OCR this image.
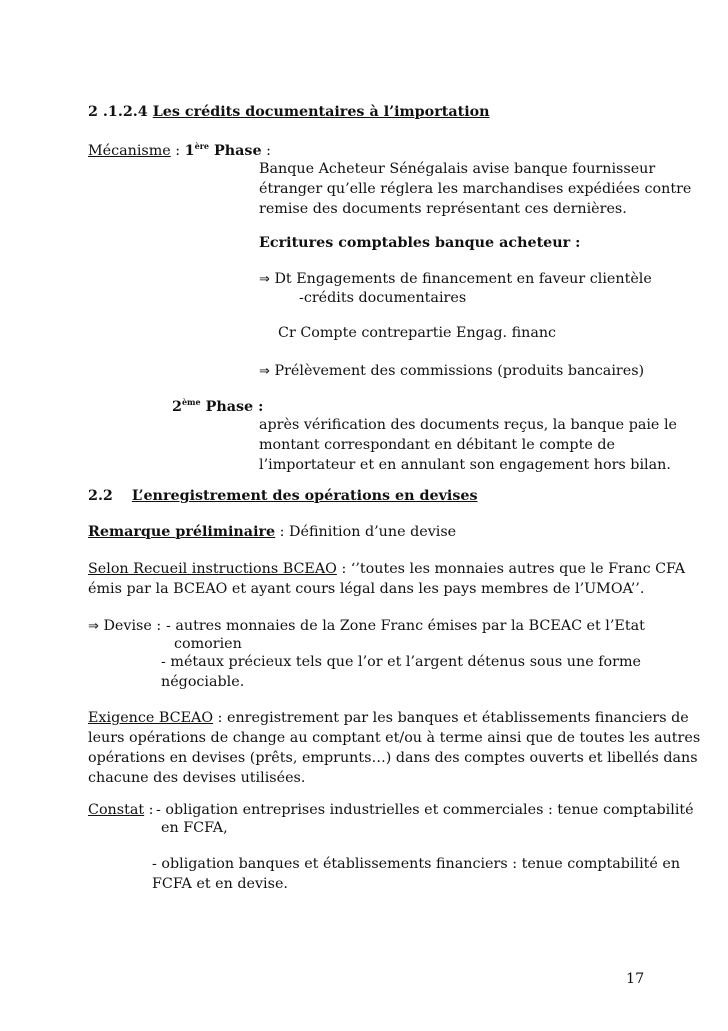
2 .1.2.4 Les crédits documentaires à l’importation
Mécanisme : 1ère Phase :
Banque Acheteur Sénégalais avise banque fournisseur
étranger qu’elle réglera les marchandises expédiées contre
remise des documents représentant ces dernières.
Ecritures comptables banque acheteur :
⇒ Dt Engagements de financement en faveur clientèle
-crédits documentaires
Cr Compte contrepartie Engag. financ
⇒ Prélèvement des commissions (produits bancaires)
2ème Phase :
après vérification des documents reçus, la banque paie le
montant correspondant en débitant le compte de
l’importateur et en annulant son engagement hors bilan.
2.2 L’enregistrement des opérations en devises
Remarque préliminaire : Définition d’une devise
Selon Recueil instructions BCEAO : ‘’toutes les monnaies autres que le Franc CFA
émis par la BCEAO et ayant cours légal dans les pays membres de l’UMOA’’.
⇒ Devise : - autres monnaies de la Zone Franc émises par la BCEAC et l’Etat
comorien
- métaux précieux tels que l’or et l’argent détenus sous une forme
négociable.
Exigence BCEAO : enregistrement par les banques et établissements financiers de
leurs opérations de change au comptant et/ou à terme ainsi que de toutes les autres
opérations en devises (prêts, emprunts…) dans des comptes ouverts et libellés dans
chacune des devises utilisées.
Constat : - obligation entreprises industrielles et commerciales : tenue comptabilité
en FCFA,
- obligation banques et établissements financiers : tenue comptabilité en
FCFA et en devise.
17
